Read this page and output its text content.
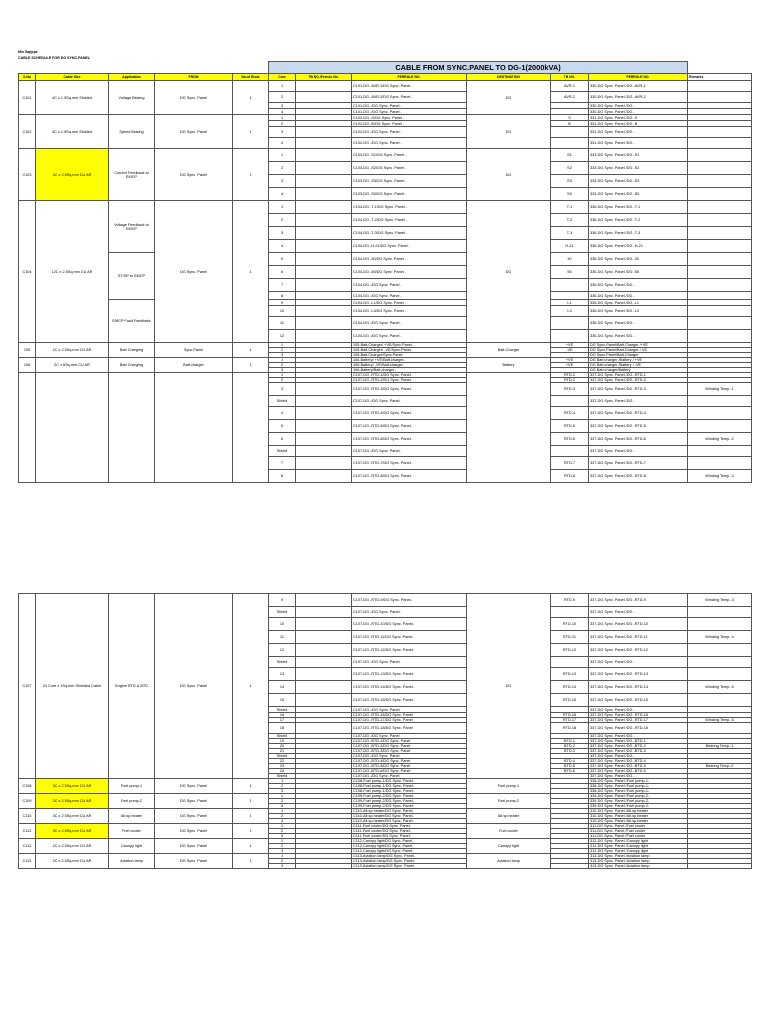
M/s Sajippe
CABLE SCHEDULE FOR DG SYNC.PANEL
					CABLE FROM SYNC.PANEL TO DG-1(2000kVA)						
S.No	Cable Size	Application	FROM	No.of Runs	Core	TB NO./Ferrule No.	FERRULE NO.	DESTINATION	TB NO.	FERRULE NO.	Remarks
C101	4C x 1.5Sq.mm Shilded	Voltage Bsising	DG Sync. Panel	1	1		C101-DG -AVR-1/DG Sync. Panel -	DG	AVR-1	330-DG Sync. Panel /DG -AVR-1	
					2		C101-DG -AVR-2/DG Sync. Panel -		AVR-2	330-DG Sync. Panel /DG -AVR-2	
					3		C101-DG -/DG Sync. Panel -			330-DG Sync. Panel /DG -	
					4		C101-DG -/DG Sync. Panel -			330-DG Sync. Panel /DG -	
C102	4C x 1.5Sq.mm Shilded	Speed Bsising	DG Sync. Panel	1	1		C102-DG -S/DG Sync. Panel -	DG	S	331-DG Sync. Panel /DG -S	
					2		C102-DG -B/DG Sync. Panel -		B	331-DG Sync. Panel /DG -B	
					3		C102-DG -/DG Sync. Panel -			331-DG Sync. Panel /DG -	
					4		C102-DG -/DG Sync. Panel -			331-DG Sync. Panel /DG -	
C103	4C x 2.5Sq.mm CU AR	Current Feedback to EMCP	DG Sync. Panel	1	1		C103-DG -S1/DG Sync. Panel -	DG	S1	333-DG Sync. Panel /DG -S1	
					2		C103-DG -S2/DG Sync. Panel -		S2	333-DG Sync. Panel /DG -S2	
					3		C103-DG -S3/DG Sync. Panel -		S3	333-DG Sync. Panel /DG -S3	
					4		C103-DG -S0/DG Sync. Panel -		S0	333-DG Sync. Panel /DG -S0	
C104	12C x 2.5Sq.mm CU AR	Voltage Feedback to EMCP	DG Sync. Panel	1	1		C104-DG -T-1/DG Sync. Panel -	DG	T-1	336-DG Sync. Panel /DG -T-1	
					2		C104-DG -T-2/DG Sync. Panel -		T-2	336-DG Sync. Panel /DG -T-2	
					3		C104-DG -T-3/DG Sync. Panel -		T-3	336-DG Sync. Panel /DG -T-3	
					4		C104-DG -H-21/DG Sync. Panel -		H-21	336-DG Sync. Panel /DG -H-21	
		ST/SP to EMCP			5		C104-DG -30/DG Sync. Panel -		30	336-DG Sync. Panel /DG -30	
					6		C104-DG -55/DG Sync. Panel -		55	336-DG Sync. Panel /DG -55	
					7		C104-DG -/DG Sync. Panel -			336-DG Sync. Panel /DG -	
					8		C104-DG -/DG Sync. Panel -			336-DG Sync. Panel /DG -	
		EMCP Fault Feedback			9		C104-DG -L1/DG Sync. Panel -		L1	336-DG Sync. Panel /DG -L1	
					10		C104-DG -L3/DG Sync. Panel -		L3	336-DG Sync. Panel /DG -L3	
					11		C104-DG -/DG Sync. Panel -			336-DG Sync. Panel /DG -	
					12		C104-DG -/DG Sync. Panel -			336-DG Sync. Panel /DG -	
105	2C x 2.5Sq.mm CU AR	Batt Charging	Sync.Panel	1	1		105-Batt.Charger/ +VE/Sync.Panel-	Batt.Charger	+VE	DG Sync.Panel/Batt.Charger /+VE	
					2		105-Batt.Charger/ -VE/Sync.Panel-		-VE	DG Sync.Panel/Batt.Charger /-VE	
					3		105-Batt.Charger/Sync.Panel-			DG Sync.Panel/Batt.Charger	
106	2C x 6Sq.mm CU AR	Batt Charging	Batt.charger	1	1		106-Battery/ +VE/Batt.charger-	Battery	+VE	DG Batt.charger /Battery / +VE	
					2		106-Battery/ -VE/Batt.charger-		+VE	DG Batt.charger /Battery / -VE	
					3		106-Battery/Batt.charger-			DG Batt.charger/Battery	
					1		C107-DG -RTD-1/DG Sync. Panel-		RTD-1	337-DG Sync. Panel /DG -RTD-1	
					2		C107-DG -RTD-2/DG Sync. Panel-		RTD-2	337-DG Sync. Panel /DG -RTD-2	
					3		C107-DG -RTD-3/DG Sync. Panel-		RTD-3	337-DG Sync. Panel /DG -RTD-3	Winding Temp.-1
					Shield		C107-DG -/DG Sync. Panel-			337-DG Sync. Panel /DG -	
					4		C107-DG -RTD-4/DG Sync. Panel-		RTD-4	337-DG Sync. Panel /DG -RTD-4	
					5		C107-DG -RTD-5/DG Sync. Panel-		RTD-5	337-DG Sync. Panel /DG -RTD-5	
					6		C107-DG -RTD-6/DG Sync. Panel-		RTD-6	337-DG Sync. Panel /DG -RTD-6	Winding Temp.-2
					Shield		C107-DG -/DG Sync. Panel-			337-DG Sync. Panel /DG -	
					7		C107-DG -RTD-7/DG Sync. Panel-		RTD-7	337-DG Sync. Panel /DG -RTD-7	
					8		C107-DG -RTD-8/DG Sync. Panel-		RTD-8	337-DG Sync. Panel /DG -RTD-8	Winding Temp.-3
C107	24 Core x 1Sq.mm Shielded Cable	Engine RTD & BTD	DG Sync. Panel	1	9		C107-DG -RTD-9/DG Sync. Panel-	DG	RTD-9	337-DG Sync. Panel /DG -RTD-9	Winding Temp.-3
					Shield		C107-DG -/DG Sync. Panel-			337-DG Sync. Panel /DG -	
					10		C107-DG -RTD-10/DG Sync. Panel-		RTD-10	337-DG Sync. Panel /DG -RTD-10	
					11		C107-DG -RTD-11/DG Sync. Panel-		RTD-11	337-DG Sync. Panel /DG -RTD-11	Winding Temp.-4
					12		C107-DG -RTD-12/DG Sync. Panel-		RTD-12	337-DG Sync. Panel /DG -RTD-12	
					Shield		C107-DG -/DG Sync. Panel-			337-DG Sync. Panel /DG -	
					13		C107-DG -RTD-13/DG Sync. Panel-		RTD-13	337-DG Sync. Panel /DG -RTD-13	
					14		C107-DG -RTD-14/DG Sync. Panel-		RTD-14	337-DG Sync. Panel /DG -RTD-14	Winding Temp.-5
					15		C107-DG -RTD-15/DG Sync. Panel-		RTD-15	337-DG Sync. Panel /DG -RTD-15	
					Shield		C107-DG -/DG Sync. Panel-			337-DG Sync. Panel /DG -	
					16		C107-DG -RTD-16/DG Sync. Panel		RTD-16	337-DG Sync. Panel /DG -RTD-16	
					17		C107-DG -RTD-17/DG Sync. Panel		RTD-17	337-DG Sync. Panel /DG -RTD-17	Winding Temp.-6
					18		C107-DG -RTD-18/DG Sync. Panel		RTD-18	337-DG Sync. Panel /DG -RTD-18	
					Shield		C107-DG -/DG Sync. Panel			337-DG Sync. Panel /DG -	
					19		C107-DG -BTD-1/DG Sync. Panel		BTD-1	337-DG Sync. Panel /DG -BTD-1	
					20		C107-DG -BTD-2/DG Sync. Panel		BTD-2	337-DG Sync. Panel /DG -BTD-2	Bearing Temp.-1
					21		C107-DG -BTD-3/DG Sync. Panel		BTD-3	337-DG Sync. Panel /DG -BTD-3	
					Shield		C107-DG -/DG Sync. Panel			337-DG Sync. Panel /DG -	
					22		C107-DG -BTD-4/DG Sync. Panel		BTD-4	337-DG Sync. Panel /DG -BTD-4	
					23		C107-DG -BTD-5/DG Sync. Panel		BTD-5	337-DG Sync. Panel /DG -BTD-5	Bearing Temp.-2
					24		C107-DG -BTD-6/DG Sync. Panel		BTD-6	337-DG Sync. Panel /DG -BTD-6	
					Shield		C107-DG -/DG Sync. Panel			337-DG Sync. Panel /DG -	
C108	3C x 2.5Sq.mm CU AR	Fuel pump-1	DG Sync. Panel	1	1		C108-Fuel pump-1/DG Sync. Panel-	Fuel pump-1		338-DG Sync. Panel /Fuel pump-1-	
					2		C108-Fuel pump-1/DG Sync. Panel-			338-DG Sync. Panel /Fuel pump-1-	
					3		C108-Fuel pump-1/DG Sync. Panel-			338-DG Sync. Panel /Fuel pump-1-	
C109	3C x 2.5Sq.mm CU AR	Fuel pump-2	DG Sync. Panel	1	1		C109-Fuel pump-2/DG Sync. Panel-	Fuel pump-2		339-DG Sync. Panel /Fuel pump-2-	
					2		C109-Fuel pump-2/DG Sync. Panel-			339-DG Sync. Panel /Fuel pump-2-	
					3		C109-Fuel pump-2/DG Sync. Panel-			339-DG Sync. Panel /Fuel pump-2-	
C110	3C x 2.5Sq.mm CU AR	Alt.sp.heater	DG Sync. Panel	1	1		C110-Alt.sp.heater/DG Sync. Panel-	Alt.sp.heater		310-DG Sync. Panel /Alt.sp.heater	
					2		C110-Alt.sp.heater/DG Sync. Panel-			310-DG Sync. Panel /Alt.sp.heater	
					3		C110-Alt.sp.heater/DG Sync. Panel-			310-DG Sync. Panel /Alt.sp.heater	
C111	3C x 2.5Sq.mm CU AR	Fuel cooler	DG Sync. Panel	1	1		C111-Fuel cooler/DG Sync. Panel-	Fuel cooler		311-DG Sync. Panel /Fuel cooler	
					2		C111-Fuel cooler/DG Sync. Panel-			311-DG Sync. Panel /Fuel cooler	
					3		C111-Fuel cooler/DG Sync. Panel-			311-DG Sync. Panel /Fuel cooler	
C112	2C x 2.5Sq.mm CU AR	Canopy light	DG Sync. Panel	1	1		C112-Canopy light/DG Sync. Panel-	Canopy light		312-DG Sync. Panel /Canopy light	
					2		C112-Canopy light/DG Sync. Panel-			312-DG Sync. Panel /Canopy light	
					3		C112-Canopy light/DG Sync. Panel-			312-DG Sync. Panel /Canopy light	
C113	2C x 2.5Sq.mm CU AR	Aviation lamp	DG Sync. Panel	1	1		C113-Aviation lamp/DG Sync. Panel-	Aviation lamp		313-DG Sync. Panel /Aviation lamp	
					2		C113-Aviation lamp/DG Sync. Panel-			313-DG Sync. Panel /Aviation lamp	
					3		C113-Aviation lamp/DG Sync. Panel-			313-DG Sync. Panel /Aviation lamp	
